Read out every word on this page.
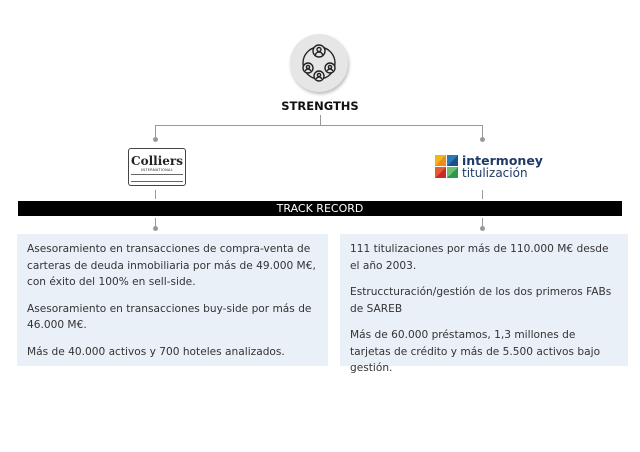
STRENGTHS
Colliers
INTERNATIONAL
intermoney
titulización
TRACK RECORD

Asesoramiento en transacciones de compra-venta de carteras de deuda inmobiliaria por más de 49.000 M€, con éxito del 100% en sell-side.

Asesoramiento en transacciones buy-side por más de 46.000 M€.

Más de 40.000 activos y 700 hoteles analizados.

111 titulizaciones por más de 110.000 M€ desde el año 2003.

Estruccturación/gestión de los dos primeros FABs de SAREB

Más de 60.000 préstamos, 1,3 millones de tarjetas de crédito y más de 5.500 activos bajo gestión.
